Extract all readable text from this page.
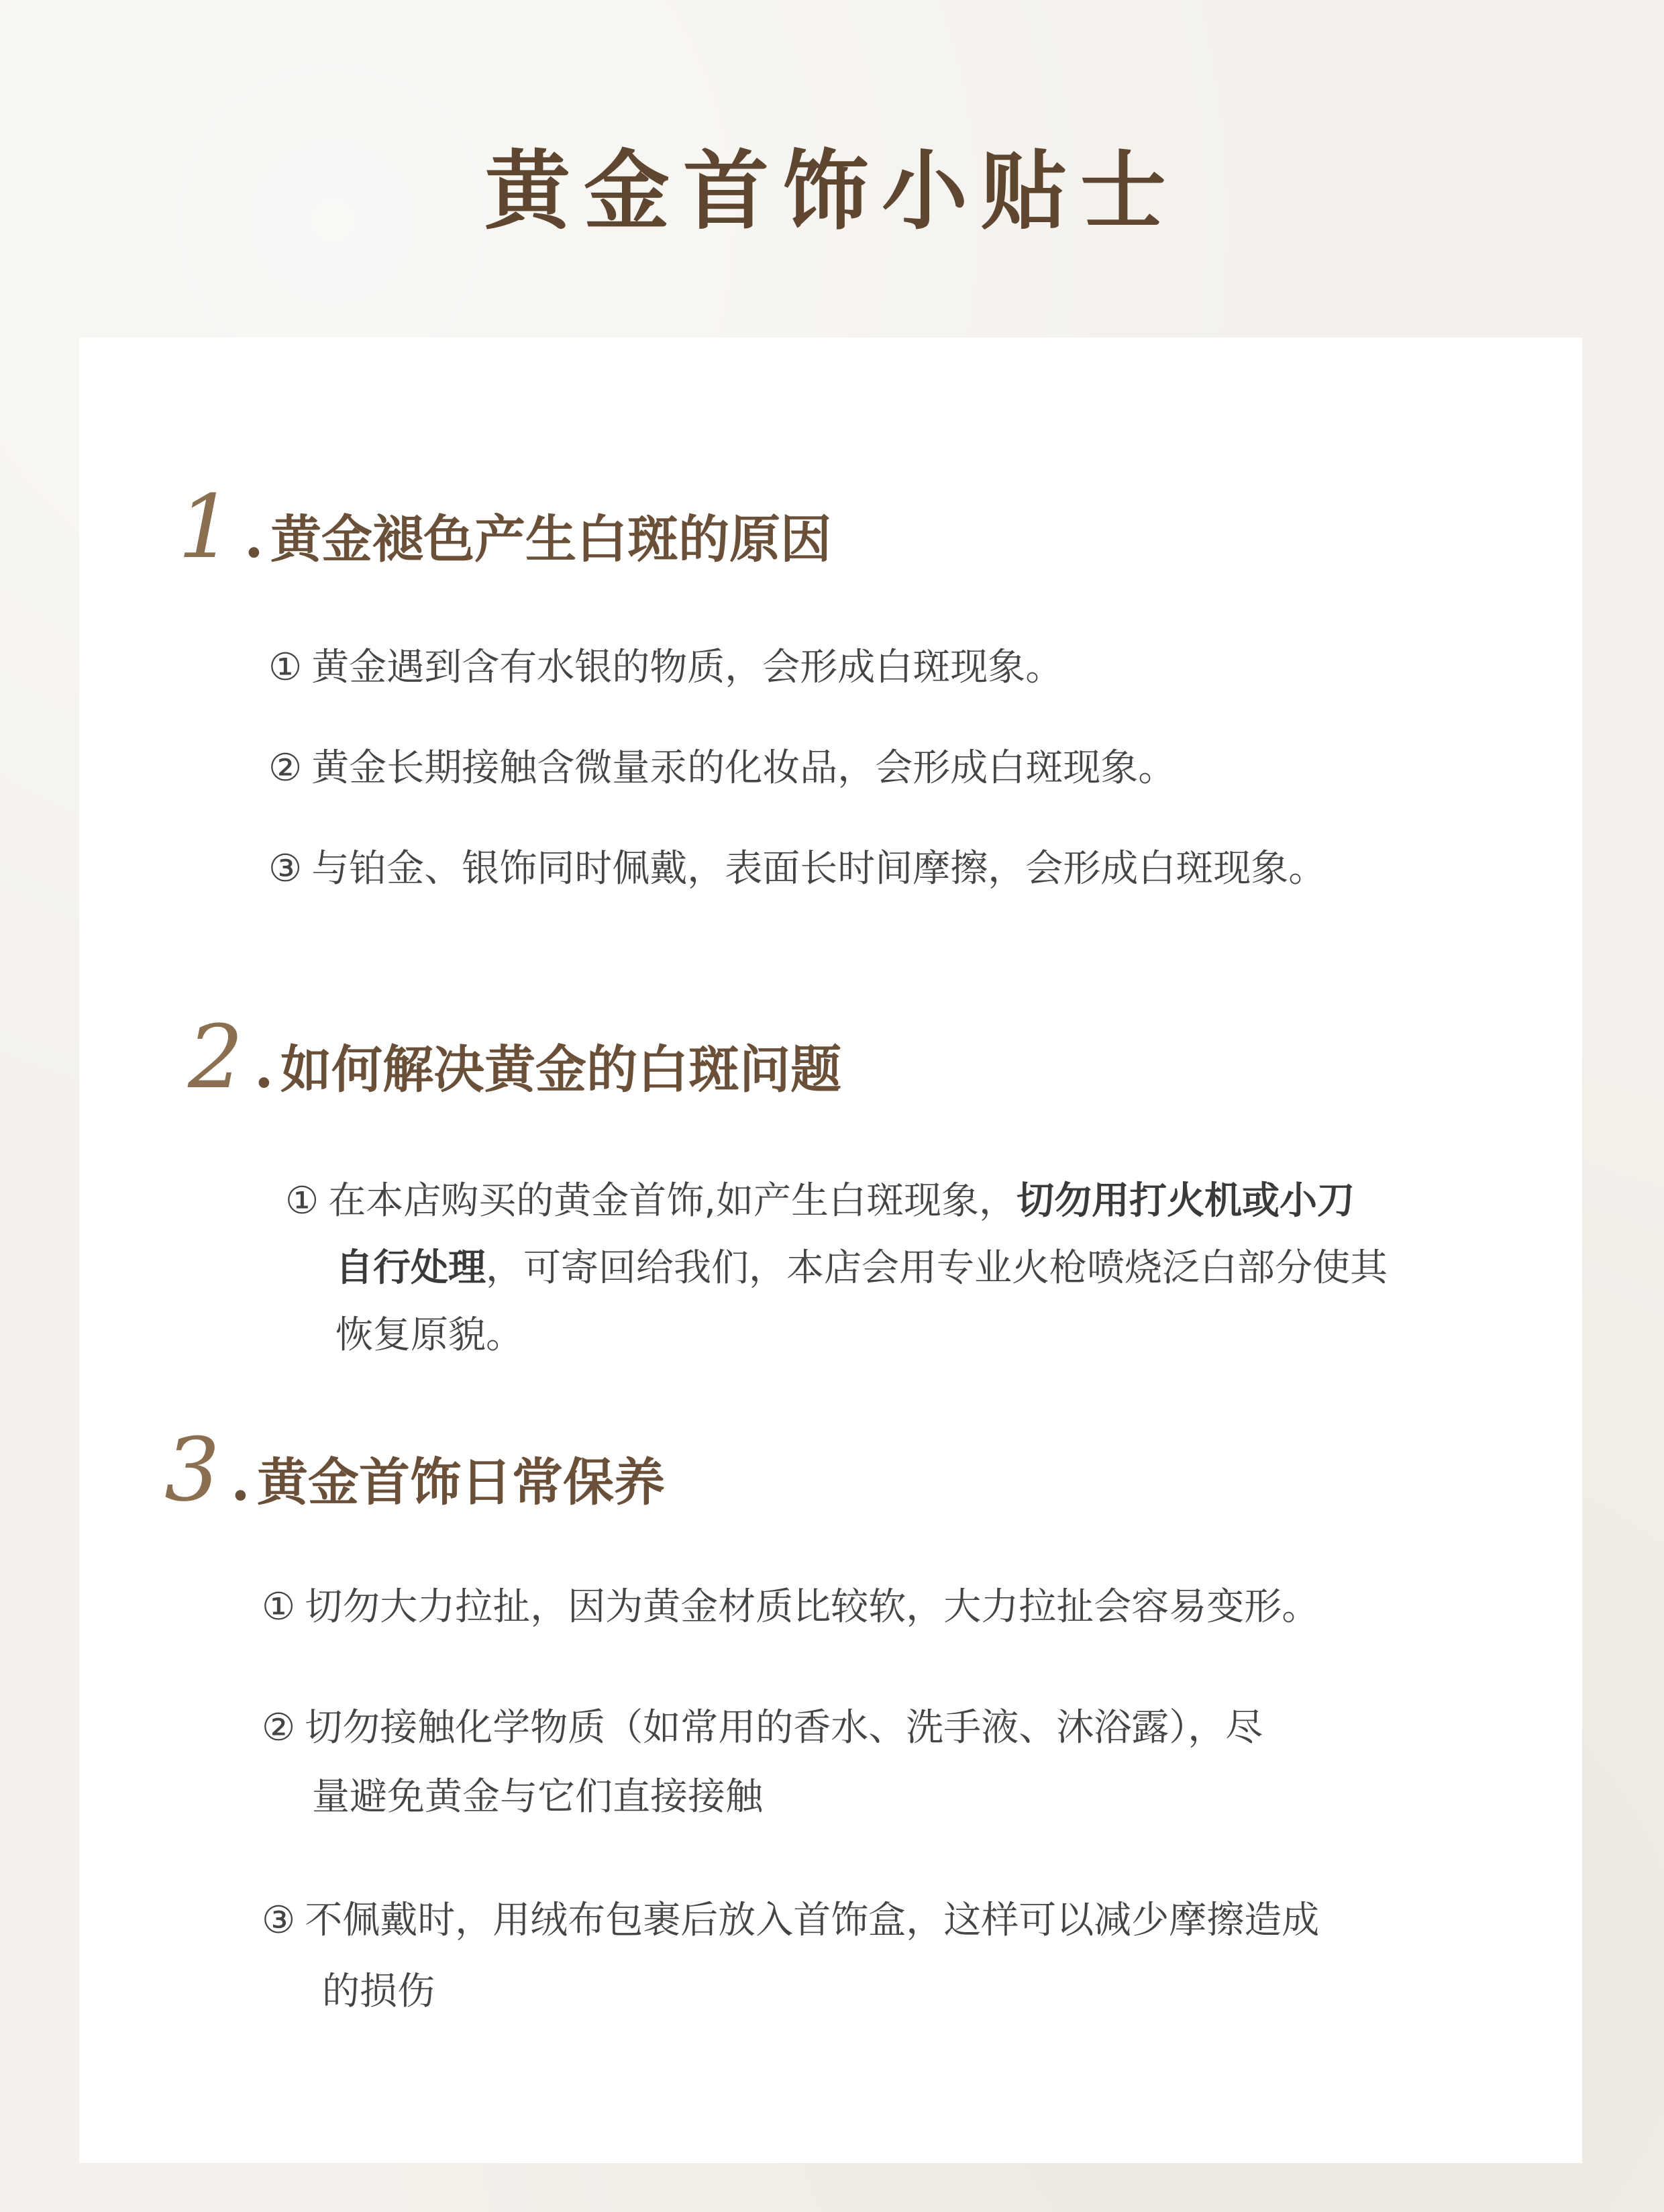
黄金首饰小贴士
1 . 黄金褪色产生白斑的原因
① 黄金遇到含有水银的物质，会形成白斑现象。
② 黄金长期接触含微量汞的化妆品，会形成白斑现象。
③ 与铂金、银饰同时佩戴，表面长时间摩擦，会形成白斑现象。
2 . 如何解决黄金的白斑问题
① 在本店购买的黄金首饰,如产生白斑现象，切勿用打火机或小刀
自行处理，可寄回给我们，本店会用专业火枪喷烧泛白部分使其
恢复原貌。
3 . 黄金首饰日常保养
① 切勿大力拉扯，因为黄金材质比较软，大力拉扯会容易变形。
② 切勿接触化学物质（如常用的香水、洗手液、沐浴露），尽
量避免黄金与它们直接接触
③ 不佩戴时，用绒布包裹后放入首饰盒，这样可以减少摩擦造成
的损伤
